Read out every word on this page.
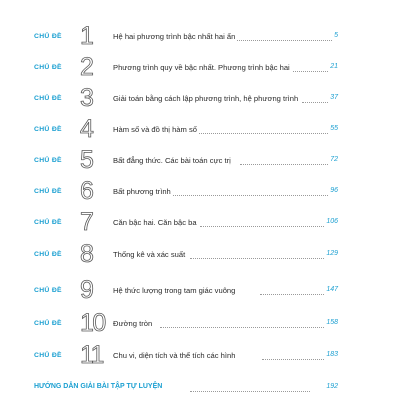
CHỦ ĐỀ 1	Hệ hai phương trình bậc nhất hai ẩn	5
CHỦ ĐỀ 2	Phương trình quy về bậc nhất. Phương trình bậc hai	21
CHỦ ĐỀ 3	Giải toán bằng cách lập phương trình, hệ phương trình	37
CHỦ ĐỀ 4	Hàm số và đồ thị hàm số	55
CHỦ ĐỀ 5	Bất đẳng thức. Các bài toán cực trị	72
CHỦ ĐỀ 6	Bất phương trình	96
CHỦ ĐỀ 7	Căn bậc hai. Căn bậc ba	106
CHỦ ĐỀ 8	Thống kê và xác suất	129
CHỦ ĐỀ 9	Hệ thức lượng trong tam giác vuông	147
CHỦ ĐỀ 10 Đường tròn	158
CHỦ ĐỀ 11 Chu vi, diện tích và thể tích các hình	183
HƯỚNG DẪN GIẢI BÀI TẬP TỰ LUYỆN	192
